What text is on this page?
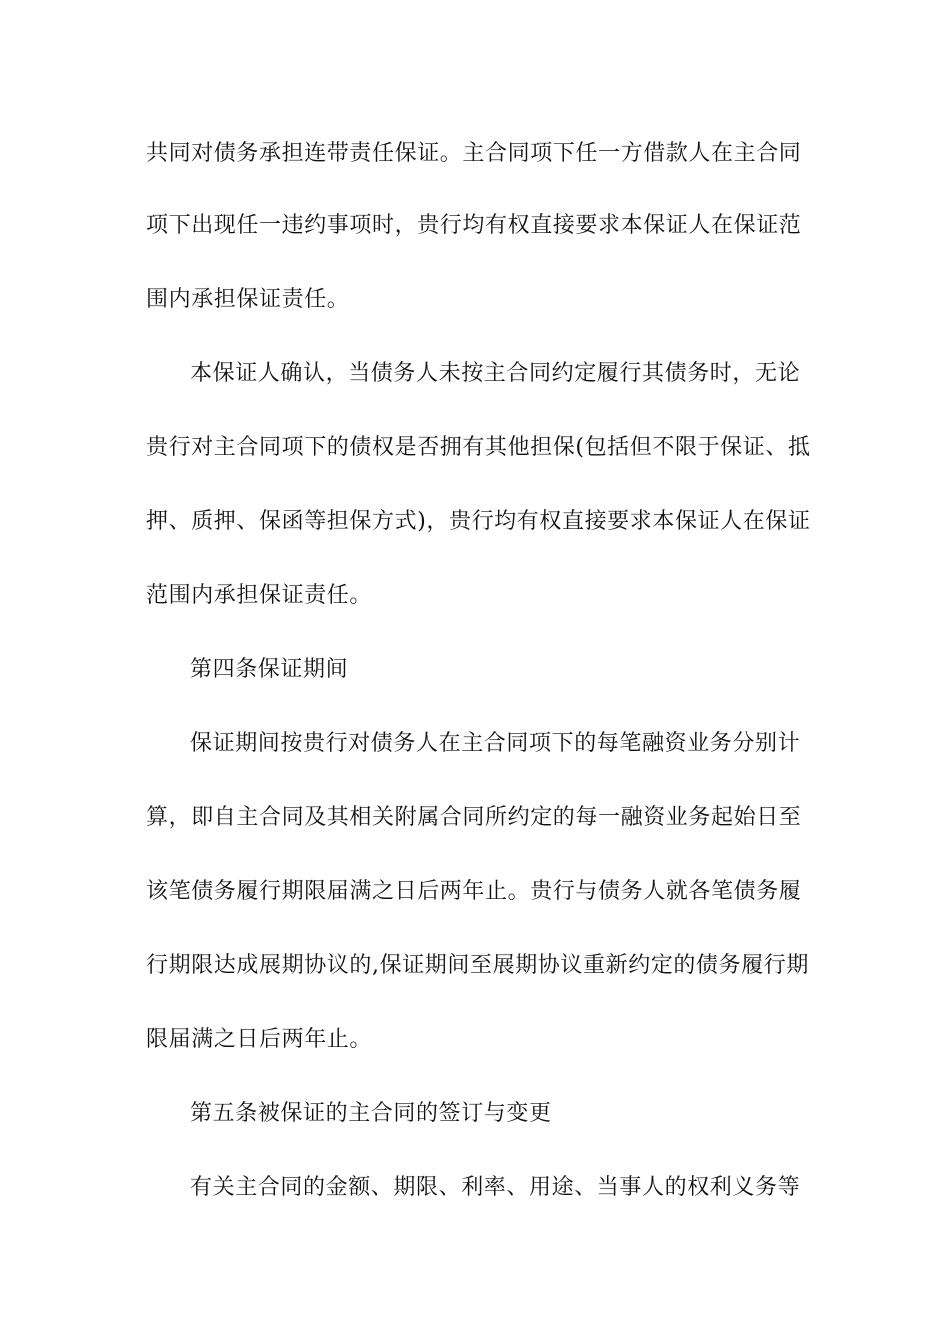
共同对债务承担连带责任保证。主合同项下任一方借款人在主合同
项下出现任一违约事项时，贵行均有权直接要求本保证人在保证范
围内承担保证责任。
本保证人确认，当债务人未按主合同约定履行其债务时，无论
贵行对主合同项下的债权是否拥有其他担保(包括但不限于保证、抵
押、质押、保函等担保方式)，贵行均有权直接要求本保证人在保证
范围内承担保证责任。
第四条保证期间
保证期间按贵行对债务人在主合同项下的每笔融资业务分别计
算，即自主合同及其相关附属合同所约定的每一融资业务起始日至
该笔债务履行期限届满之日后两年止。贵行与债务人就各笔债务履
行期限达成展期协议的,保证期间至展期协议重新约定的债务履行期
限届满之日后两年止。
第五条被保证的主合同的签订与变更
有关主合同的金额、期限、利率、用途、当事人的权利义务等
